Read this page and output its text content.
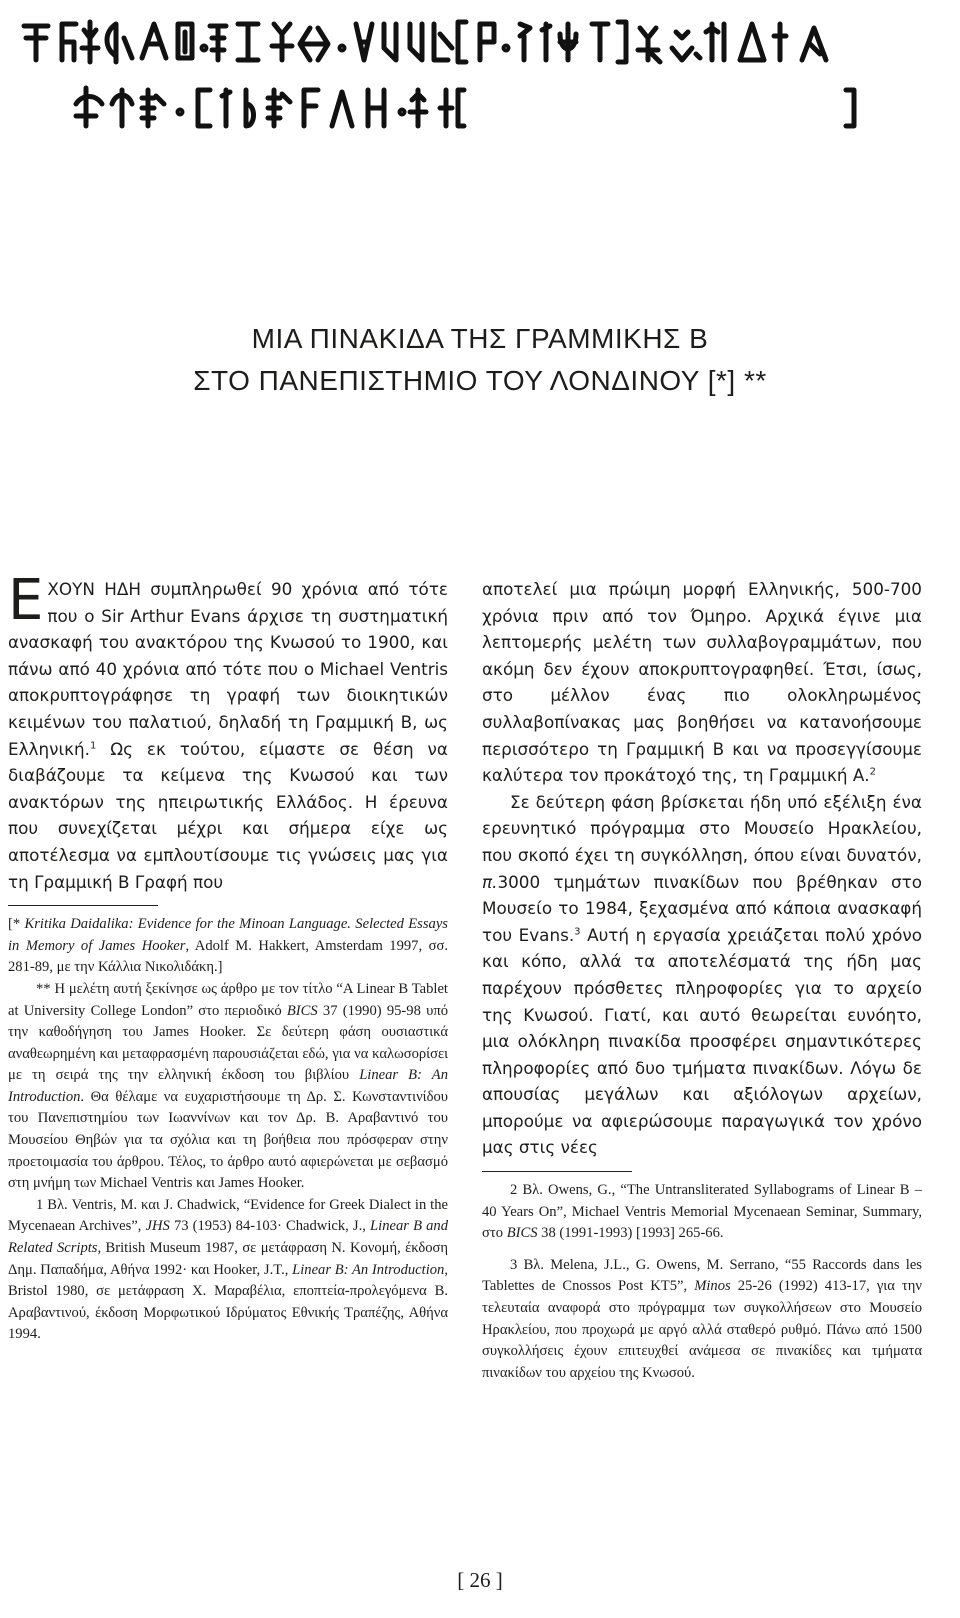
ΜΙΑ ΠΙΝΑΚΙΔΑ ΤΗΣ ΓΡΑΜΜΙΚΗΣ Β
ΣΤΟ ΠΑΝΕΠΙΣΤΗΜΙΟ ΤΟΥ ΛΟΝΔΙΝΟΥ [*] **

ΕΧΟΥΝ ΗΔΗ συμπληρωθεί 90 χρόνια από τότε που ο Sir Arthur Evans άρχισε τη συστηματική ανασκαφή του ανακτόρου της Κνωσού το 1900, και πάνω από 40 χρόνια από τότε που ο Michael Ventris αποκρυπτογράφησε τη γραφή των διοικητικών κειμένων του παλατιού, δηλαδή τη Γραμμική Β, ως Ελληνική.$^1$ Ως εκ τούτου, είμαστε σε θέση να διαβάζουμε τα κείμενα της Κνωσού και των ανακτόρων της ηπειρωτικής Ελλάδος. Η έρευνα που συνεχίζεται μέχρι και σήμερα είχε ως αποτέλεσμα να εμπλουτίσουμε τις γνώσεις μας για τη Γραμμική Β Γραφή που

[* Kritika Daidalika: Evidence for the Minoan Language. Selected Essays in Memory of James Hooker, Adolf M. Hakkert, Amsterdam 1997, σσ. 281-89, με την Κάλλια Νικολιδάκη.]

** Η μελέτη αυτή ξεκίνησε ως άρθρο με τον τίτλο “A Linear B Tablet at University College London” στο περιοδικό BICS 37 (1990) 95-98 υπό την καθοδήγηση του James Hooker. Σε δεύτερη φάση ουσιαστικά αναθεωρημένη και μεταφρασμένη παρουσιάζεται εδώ, για να καλωσορίσει με τη σειρά της την ελληνική έκδοση του βιβλίου Linear B: An Introduction. Θα θέλαμε να ευχαριστήσουμε τη Δρ. Σ. Κωνσταντινίδου του Πανεπιστημίου των Ιωαννίνων και τον Δρ. Β. Αραβαντινό του Μουσείου Θηβών για τα σχόλια και τη βοήθεια που πρόσφεραν στην προετοιμασία του άρθρου. Τέλος, το άρθρο αυτό αφιερώνεται με σεβασμό στη μνήμη των Michael Ventris και James Hooker.

1 Βλ. Ventris, M. και J. Chadwick, “Evidence for Greek Dialect in the Mycenaean Archives”, JHS 73 (1953) 84-103· Chadwick, J., Linear B and Related Scripts, British Museum 1987, σε μετάφραση Ν. Κονομή, έκδοση Δημ. Παπαδήμα, Αθήνα 1992· και Hooker, J.T., Linear B: An Introduction, Bristol 1980, σε μετάφραση Χ. Μαραβέλια, εποπτεία-προλεγόμενα Β. Αραβαντινού, έκδοση Μορφωτικού Ιδρύματος Εθνικής Τραπέζης, Αθήνα 1994.

αποτελεί μια πρώιμη μορφή Ελληνικής, 500-700 χρόνια πριν από τον Όμηρο. Αρχικά έγινε μια λεπτομερής μελέτη των συλλαβογραμμάτων, που ακόμη δεν έχουν αποκρυπτογραφηθεί. Έτσι, ίσως, στο μέλλον ένας πιο ολοκληρωμένος συλλαβοπίνακας μας βοηθήσει να κατανοήσουμε περισσότερο τη Γραμμική Β και να προσεγγίσουμε καλύτερα τον προκάτοχό της, τη Γραμμική Α.$^2$

Σε δεύτερη φάση βρίσκεται ήδη υπό εξέλιξη ένα ερευνητικό πρόγραμμα στο Μουσείο Ηρακλείου, που σκοπό έχει τη συγκόλληση, όπου είναι δυνατόν, π.3000 τμημάτων πινακίδων που βρέθηκαν στο Μουσείο το 1984, ξεχασμένα από κάποια ανασκαφή του Evans.$^3$ Αυτή η εργασία χρειάζεται πολύ χρόνο και κόπο, αλλά τα αποτελέσματά της ήδη μας παρέχουν πρόσθετες πληροφορίες για το αρχείο της Κνωσού. Γιατί, και αυτό θεωρείται ευνόητο, μια ολόκληρη πινακίδα προσφέρει σημαντικότερες πληροφορίες από δυο τμήματα πινακίδων. Λόγω δε απουσίας μεγάλων και αξιόλογων αρχείων, μπορούμε να αφιερώσουμε παραγωγικά τον χρόνο μας στις νέες

2 Βλ. Owens, G., “The Untransliterated Syllabograms of Linear B – 40 Years On”, Michael Ventris Memorial Mycenaean Seminar, Summary, στο BICS 38 (1991-1993) [1993] 265-66.

3 Βλ. Melena, J.L., G. Owens, M. Serrano, “55 Raccords dans les Tablettes de Cnossos Post KT5”, Minos 25-26 (1992) 413-17, για την τελευταία αναφορά στο πρόγραμμα των συγκολλήσεων στο Μουσείο Ηρακλείου, που προχωρά με αργό αλλά σταθερό ρυθμό. Πάνω από 1500 συγκολλήσεις έχουν επιτευχθεί ανάμεσα σε πινακίδες και τμήματα πινακίδων του αρχείου της Κνωσού.

[ 26 ]
